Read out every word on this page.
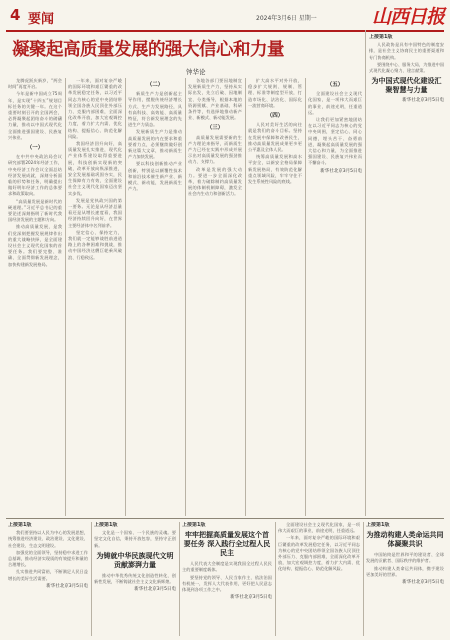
4 要闻	2024年3月6日 星期一	山西日报
凝聚起高质量发展的强大信心和力量
钟华论

龙腾虎跃庆新岁，“两会时间”再度开启。

今年是新中国成立75周年，是实现“十四五”规划目标任务的关键一年。在这个重要时刻召开的全国两会，必将凝聚起团结奋斗的磅礴力量，推动以中国式现代化全面推进强国建设、民族复兴伟业。

（一）

在中共中央政治局会议研究部署2024年经济工作，中央经济工作会议全面总结经济发展成就，深刻分析面临的形势和任务，明确提出做好明年经济工作的总体要求和政策取向。

“高质量发展是新时代的硬道理。”习近平总书记的重要论述深刻指明了新时代我国经济发展的主题和方向。

推动高质量发展，是我们党深刻把握发展规律作出的重大战略抉择，是全面建设社会主义现代化国家的首要任务。我们要完整、准确、全面贯彻新发展理念，加快构建新发展格局。

一年来，面对复杂严峻的国际环境和艰巨繁重的改革发展稳定任务，以习近平同志为核心的党中央团结带领全国各族人民顶住外部压力、克服内部困难，全面深化改革开放，加大宏观调控力度，着力扩大内需、优化结构、提振信心、防范化解风险。

我国经济回升向好，高质量发展扎实推进，现代化产业体系建设取得重要进展，科技创新实现新的突破，改革开放向纵深推进，安全发展基础巩固夯实，民生保障有力有效，全面建设社会主义现代化国家迈出坚实步伐。

发展是党执政兴国的第一要务。无论是从经济总量看还是从增长速度看，我国经济持续回升向好，在世界主要经济体中名列前茅。

坚定信心、保持定力，我们就一定能够战胜前进道路上的各种困难和挑战，推动中国经济这艘巨轮乘风破浪、行稳致远。

（二）

新质生产力是创新起主导作用，摆脱传统经济增长方式、生产力发展路径，具有高科技、高效能、高质量特征，符合新发展理念的先进生产力质态。

发展新质生产力是推动高质量发展的内在要求和重要着力点，必须继续做好创新这篇大文章，推动新质生产力加快发展。

要以科技创新推动产业创新，特别是以颠覆性技术和前沿技术催生新产业、新模式、新动能，发展新质生产力。

各地各部门要因地制宜发展新质生产力，坚持从实际出发，先立后破、因地制宜、分类指导，根据本地的资源禀赋、产业基础、科研条件等，有选择地推动新产业、新模式、新动能发展。

（三）

高质量发展需要新的生产力理论来指导，而新质生产力已经在实践中形成并展示出对高质量发展的强劲推动力、支撑力。

改革是发展的强大动力。要进一步全面深化改革，着力破除制约高质量发展的体制机制障碍，激发全社会内生动力和创新活力。

扩大高水平对外开放，稳步扩大规则、规制、管理、标准等制度型开放，打造市场化、法治化、国际化一流营商环境。

（四）

人民对美好生活的向往就是我们的奋斗目标。坚持在发展中保障和改善民生，推动高质量发展成果更多更公平惠及全体人民。

统筹高质量发展和高水平安全，以新安全格局保障新发展格局，有效防范化解重点领域风险，牢牢守住不发生系统性风险的底线。

（五）

全面建设社会主义现代化国家，是一项伟大而艰巨的事业，前途光明，任重道远。

让我们更加紧密地团结在以习近平同志为核心的党中央周围，坚定信心、同心同德，埋头苦干、奋勇前进，凝聚起高质量发展的强大信心和力量，为全面推进强国建设、民族复兴伟业而不懈奋斗。

新华社北京3月5日电
上接第1版

人民政协是具有中国特色的制度安排，是社会主义协商民主的重要渠道和专门协商机构。

要围绕中心、服务大局，为推进中国式现代化凝心聚力、建言献策。

为中国式现代化建设汇聚智慧与力量
新华社北京3月5日电
上接第1版

我们要坚持以人民为中心的发展思想，统筹推进经济建设、政治建设、文化建设、社会建设、生态文明建设。

加强党的全面领导，坚持稳中求进工作总基调，推动经济实现质的有效提升和量的合理增长。

扎实推进共同富裕，不断满足人民日益增长的美好生活需要。

新华社北京3月5日电
上接第1版

文化是一个国家、一个民族的灵魂。要坚定文化自信，秉持开放包容，坚持守正创新。

为铸就中华民族现代文明贡献澎湃力量

推动中华优秀传统文化创造性转化、创新性发展，不断铸就社会主义文化新辉煌。

新华社北京3月5日电
上接第1版
牢牢把握高质量发展这个首要任务 深入践行全过程人民民主

人民代表大会制度是实现我国全过程人民民主的重要制度载体。

要坚持党的领导、人民当家作主、依法治国有机统一，发挥人大代表作用，更好把人民意志体现到各项工作之中。

新华社北京3月5日电

全面建设社会主义现代化国家，是一项伟大而艰巨的事业，前途光明，任重道远。

一年来，面对复杂严峻的国际环境和艰巨繁重的改革发展稳定任务，以习近平同志为核心的党中央团结带领全国各族人民顶住外部压力、克服内部困难，全面深化改革开放，加大宏观调控力度，着力扩大内需、优化结构、提振信心、防范化解风险。

上接第1版
为推动构建人类命运共同体凝聚共识

中国始终是世界和平的建设者、全球发展的贡献者、国际秩序的维护者。

推动构建人类命运共同体，携手建设更加美好的世界。

新华社北京3月5日电
